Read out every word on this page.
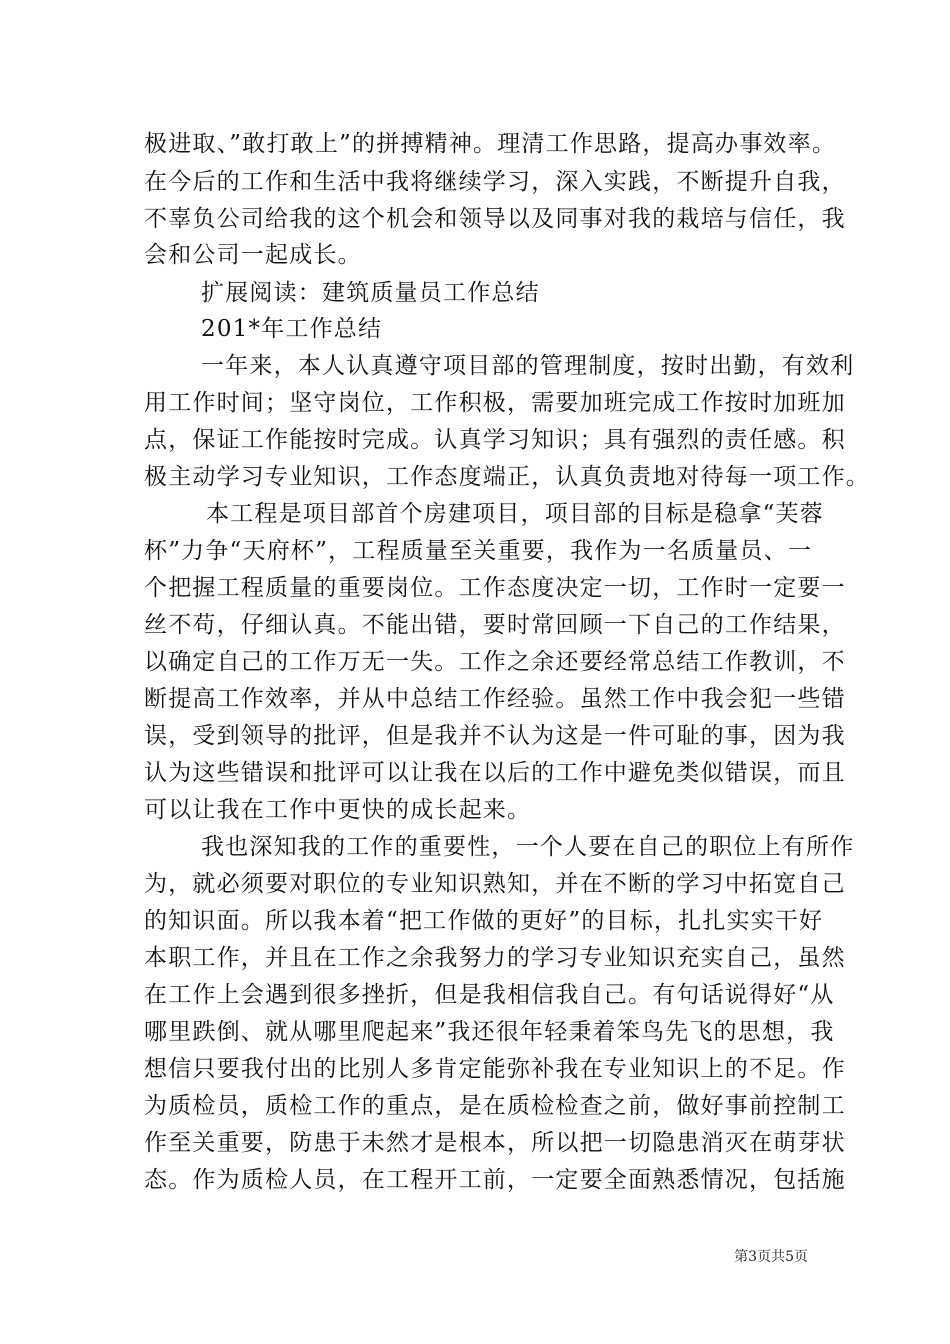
极进取、”敢打敢上”的拼搏精神。理清工作思路，提高办事效率。
在今后的工作和生活中我将继续学习，深入实践，不断提升自我，
不辜负公司给我的这个机会和领导以及同事对我的栽培与信任，我
会和公司一起成长。
扩展阅读：建筑质量员工作总结
201*年工作总结
一年来，本人认真遵守项目部的管理制度，按时出勤，有效利
用工作时间；坚守岗位，工作积极，需要加班完成工作按时加班加
点，保证工作能按时完成。认真学习知识；具有强烈的责任感。积
极主动学习专业知识，工作态度端正，认真负责地对待每一项工作。
本工程是项目部首个房建项目，项目部的目标是稳拿“芙蓉
杯”力争“天府杯”，工程质量至关重要，我作为一名质量员、一
个把握工程质量的重要岗位。工作态度决定一切，工作时一定要一
丝不苟，仔细认真。不能出错，要时常回顾一下自己的工作结果，
以确定自己的工作万无一失。工作之余还要经常总结工作教训，不
断提高工作效率，并从中总结工作经验。虽然工作中我会犯一些错
误，受到领导的批评，但是我并不认为这是一件可耻的事，因为我
认为这些错误和批评可以让我在以后的工作中避免类似错误，而且
可以让我在工作中更快的成长起来。
我也深知我的工作的重要性，一个人要在自己的职位上有所作
为，就必须要对职位的专业知识熟知，并在不断的学习中拓宽自己
的知识面。所以我本着“把工作做的更好”的目标，扎扎实实干好
本职工作，并且在工作之余我努力的学习专业知识充实自己，虽然
在工作上会遇到很多挫折，但是我相信我自己。有句话说得好“从
哪里跌倒、就从哪里爬起来”我还很年轻秉着笨鸟先飞的思想，我
想信只要我付出的比别人多肯定能弥补我在专业知识上的不足。作
为质检员，质检工作的重点，是在质检检查之前，做好事前控制工
作至关重要，防患于未然才是根本，所以把一切隐患消灭在萌芽状
态。作为质检人员，在工程开工前，一定要全面熟悉情况，包括施
第3页共5页
